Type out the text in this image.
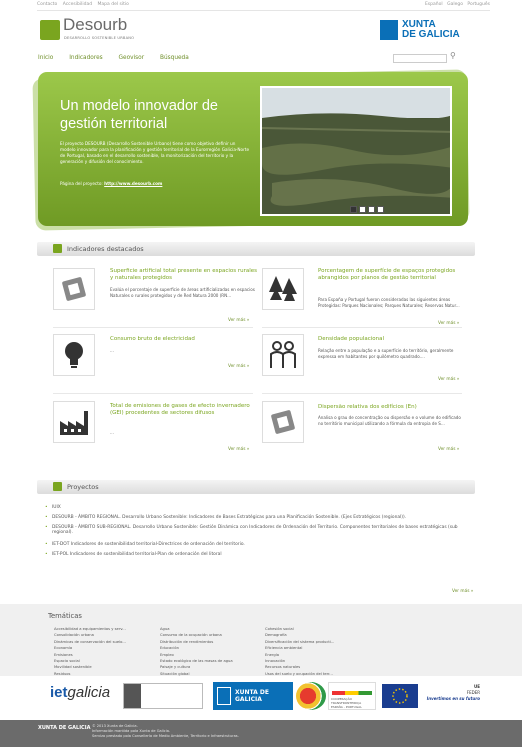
Contacto Accesibilidad Mapa del sitio	Español Galego Português
Desourb
DESARROLLO SOSTENIBLE URBANO
XUNTA
DE GALICIA
Inicio	Indicadores	Geovisor	Búsqueda	⚲
Un modelo innovador de gestión territorial
El proyecto DESOURB (Desarrollo Sostenible Urbano) tiene como objetivo definir un modelo innovador para la planificación y gestión territorial de la Eurorregión Galicia-Norte de Portugal, basado en el desarrollo sostenible, la monitorización del territorio y la generación y difusión del conocimiento.
Página del proyecto: http://www.desourb.com
Indicadores destacados
Superficie artificial total presente en espacios rurales y naturales protegidos
Evalúa el porcentaje de superficie de áreas artificializadas en espacios Naturales o rurales protegidos y de Red Natura 2000 (RN...
Ver más »
Porcentagem de superfície de espaços protegidos abrangidos por planos de gestão territorial
Para España y Portugal fueron consideradas las siguientes áreas Protegidas: Parques Nacionales; Parques Naturales; Reservas Natur...
Ver más »
Consumo bruto de electricidad
...
Ver más »
Densidade populacional
Relação entre a população e a superfície do território, geralmente expressa em habitantes por quilómetro quadrado....
Ver más »
Total de emisiones de gases de efecto invernadero (GEI) procedentes de sectores difusos
...
Ver más »
Dispersão relativa dos edifícios (En)
Analisa o grau de concentração ou dispersão e o volume do edificado no território municipal utilizando a fórmula da entropia de S...
Ver más »
Proyectos
• IUIX
• DESOURB - ÁMBITO REGIONAL. Desarrollo Urbano Sostenible: Indicadores de Bases Estratégicas para una Planificación Sostenible. (Ejes Estratégicos (regional)).
• DESOURB - ÁMBITO SUB-REGIONAL. Desarrollo Urbano Sostenible: Gestión Dinámica con Indicadores de Ordenación del Territorio. Componentes territoriales de bases estratégicas (sub regional).
• IET-DOT Indicadores de sostenibilidad territorial-Directrices de ordenación del territorio.
• IET-POL Indicadores de sostenibilidad territorial-Plan de ordenación del litoral
Ver más »
Temáticas
Accesibilidad a equipamientos y serv...
Consolidación urbana
Dinámicas de conservación del suelo...
Economía
Emisiones
Espacio social
Movilidad sostenible
Residuos
Agua
Consumo de la ocupación urbana
Distribución de rendimientos
Educación
Empleo
Estado ecológico de las masas de agua
Paisaje y cultura
Situación global
Cohesión social
Demografía
Diversificación del sistema producti...
Eficiencia ambiental
Energía
Innovación
Recursos naturales
Usos del suelo y ocupación del terr...
ietgalicia	XUNTA DE GALICIA	COOPERAÇÃO TRANSFRONTEIRIÇA ESPAÑA - PORTUGAL
UE
FEDER
Invertimos en su futuro
XUNTA DE GALICIA © 2013 Xunta de Galicia.
Información mantida pola Xunta de Galicia.
Servizo prestado pola Consellería de Medio Ambiente, Territorio e Infraestruturas.
